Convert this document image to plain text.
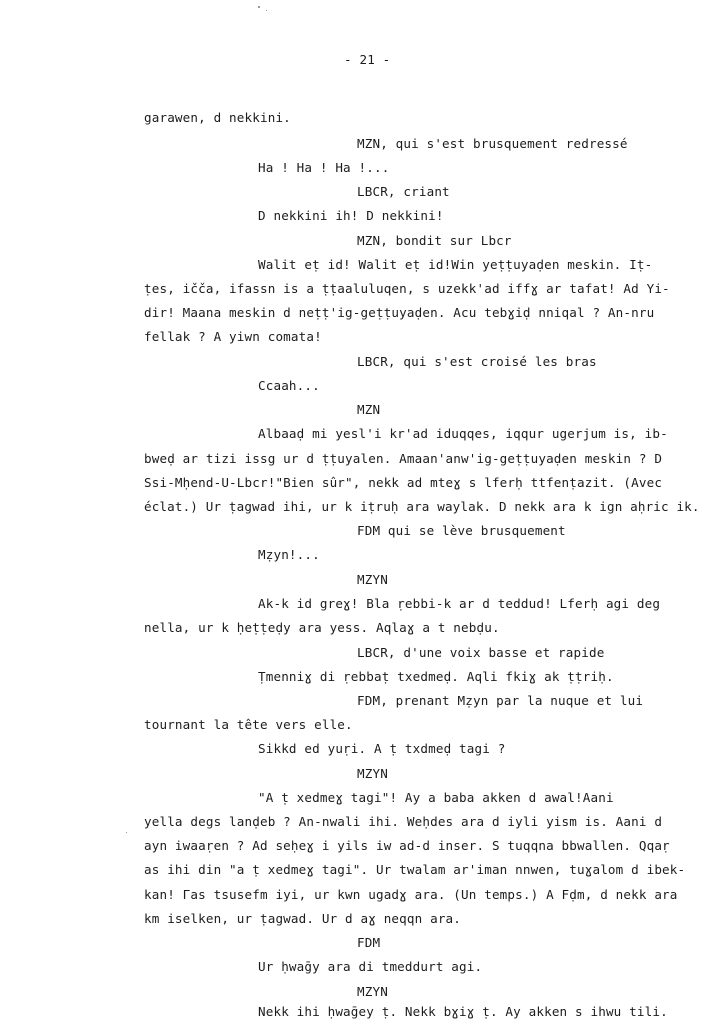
- 21 -
garawen, d nekkini.
MZN, qui s'est brusquement redressé
Ha ! Ha ! Ha !...
LBCR, criant
D nekkini ih! D nekkini!
MZN, bondit sur Lbcr
Walit eṭ id! Walit eṭ id!Win yeṭṭuyaḍen meskin. Iṭ-
ṭes, ičča, ifassn is a ṭṭaaluluqen, s uzekk'ad iffɣ ar tafat! Ad Yi-
dir! Maana meskin d neṭṭ'ig-geṭṭuyaḍen. Acu tebɣiḍ nniqal ? An-nru
fellak ? A yiwn comata!
LBCR, qui s'est croisé les bras
Ccaah...
MZN
Albaaḍ mi yesl'i kr'ad iduqqes, iqqur ugerjum is, ib-
bweḍ ar tizi issg ur d ṭṭuyalen. Amaan'anw'ig-geṭṭuyaḍen meskin ? D
Ssi-Mḥend-U-Lbcr!"Bien sûr", nekk ad mteɣ s lferḥ ttfenṭazit. (Avec
éclat.) Ur ṭagwad ihi, ur k iṭruḥ ara waylak. D nekk ara k ign aḥric ik.
FDM qui se lève brusquement
Mẓyn!...
MZYN
Ak-k id greɣ! Bla ṛebbi-k ar d teddud! Lferḥ agi deg
nella, ur k ḥeṭṭeḍy ara yess. Aqlaɣ a t nebḍu.
LBCR, d'une voix basse et rapide
Ṭmenniɣ di ṛebbaṭ txedmeḍ. Aqli fkiɣ ak ṭṭriḥ.
FDM, prenant Mẓyn par la nuque et lui
tournant la tête vers elle.
Sikkd ed yuṛi. A ṭ txdmeḍ tagi ?
MZYN
"A ṭ xedmeɣ tagi"! Ay a baba akken d awal!Aani
yella degs lanḍeb ? An-nwali ihi. Weḥdes ara d iyli yism is. Aani d
ayn iwaaṛen ? Ad seḥeɣ i yils iw ad-d inser. S tuqqna bbwallen. Qqaṛ
as ihi din "a ṭ xedmeɣ tagi". Ur twalam ar'iman nnwen, tuɣalom d ibek-
kan! Γas tsusefm iyi, ur kwn ugadɣ ara. (Un temps.) A Fḍm, d nekk ara
km iselken, ur ṭagwad. Ur d aɣ neqqn ara.
FDM
Ur ḥwaḡy ara di tmeddurt agi.
MZYN
Nekk ihi ḥwaḡey ṭ. Nekk bɣiɣ ṭ. Ay akken s ihwu tili.
